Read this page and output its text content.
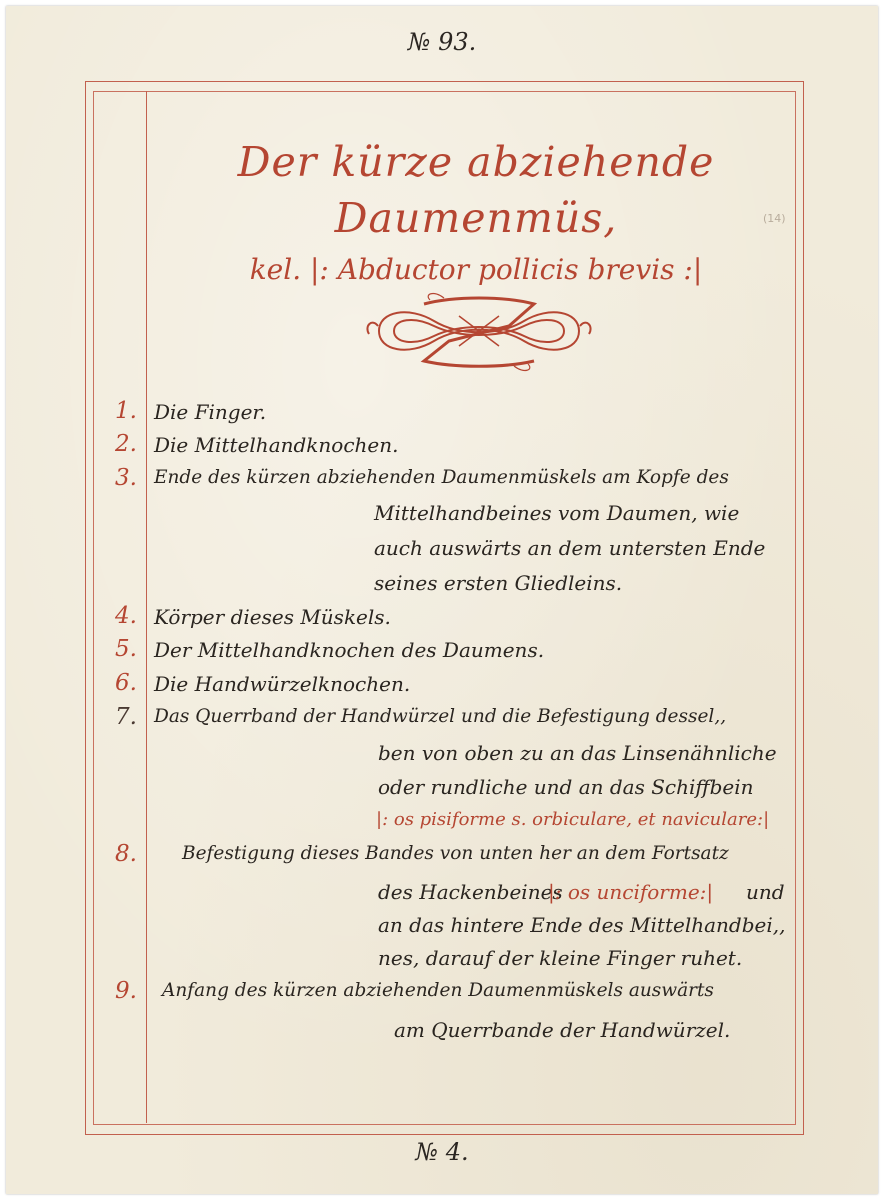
№ 93.
Der kürze abziehende Daumenmüs,
kel. |: Abductor pollicis brevis :|
(14)
1. Die Finger.
2. Die Mittelhandknochen.
3. Ende des kürzen abziehenden Daumenmüskels am Kopfe des
Mittelhandbeines vom Daumen, wie
auch auswärts an dem untersten Ende
seines ersten Gliedleins.
4. Körper dieses Müskels.
5. Der Mittelhandknochen des Daumens.
6. Die Handwürzelknochen.
7. Das Querrband der Handwürzel und die Befestigung dessel,,
ben von oben zu an das Linsenähnliche
oder rundliche und an das Schiffbein
|: os pisiforme s. orbiculare, et naviculare:|
8.	Befestigung dieses Bandes von unten her an dem Fortsatz
des Hackenbeines
|: os unciforme:| und
an das hintere Ende des Mittelhandbei,,
nes, darauf der kleine Finger ruhet.
9.	Anfang des kürzen abziehenden Daumenmüskels auswärts
am Querrbande der Handwürzel.
№ 4.
